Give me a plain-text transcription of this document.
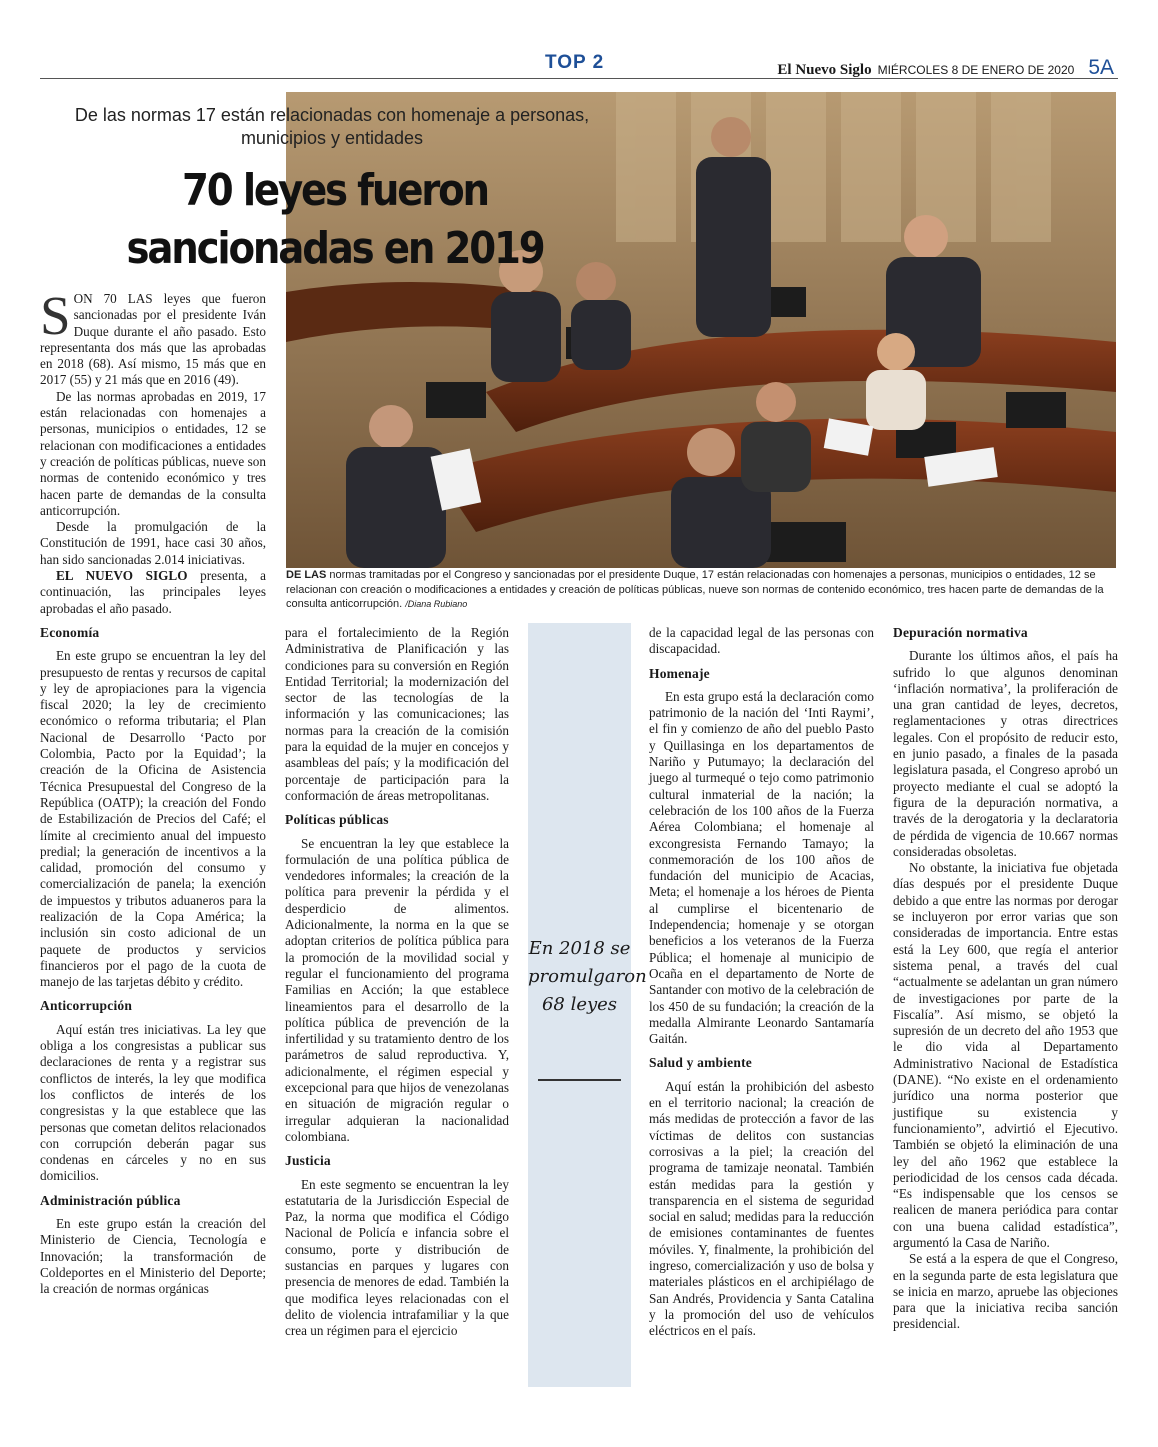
TOP 2	El Nuevo Siglo MIÉRCOLES 8 DE ENERO DE 2020 5A
DE LAS normas tramitadas por el Congreso y sancionadas por el presidente Duque, 17 están relacionadas con homenajes a personas, municipios o entidades, 12 se relacionan con creación o modificaciones a entidades y creación de políticas públicas, nueve son normas de contenido económico, tres hacen parte de demandas de la consulta anticorrupción. /Diana Rubiano
De las normas 17 están relacionadas con homenaje a personas, municipios y entidades
70 leyes fueron sancionadas en 2019

SON 70 LAS leyes que fueron sancionadas por el presidente Iván Duque durante el año pasado. Esto representanta dos más que las aprobadas en 2018 (68). Así mismo, 15 más que en 2017 (55) y 21 más que en 2016 (49).

De las normas aprobadas en 2019, 17 están relacionadas con homenajes a personas, municipios o entidades, 12 se relacionan con modificaciones a entidades y creación de políticas públicas, nueve son normas de contenido económico y tres hacen parte de demandas de la consulta anticorrupción.

Desde la promulgación de la Constitución de 1991, hace casi 30 años, han sido sancionadas 2.014 iniciativas.

EL NUEVO SIGLO presenta, a continuación, las principales leyes aprobadas el año pasado.

Economía

En este grupo se encuentran la ley del presupuesto de rentas y recursos de capital y ley de apropiaciones para la vigencia fiscal 2020; la ley de crecimiento económico o reforma tributaria; el Plan Nacional de Desarrollo ‘Pacto por Colombia, Pacto por la Equidad’; la creación de la Oficina de Asistencia Técnica Presupuestal del Congreso de la República (OATP); la creación del Fondo de Estabilización de Precios del Café; el límite al crecimiento anual del impuesto predial; la generación de incentivos a la calidad, promoción del consumo y comercialización de panela; la exención de impuestos y tributos aduaneros para la realización de la Copa América; la inclusión sin costo adicional de un paquete de productos y servicios financieros por el pago de la cuota de manejo de las tarjetas débito y crédito.

Anticorrupción

Aquí están tres iniciativas. La ley que obliga a los congresistas a publicar sus declaraciones de renta y a registrar sus conflictos de interés, la ley que modifica los conflictos de interés de los congresistas y la que establece que las personas que cometan delitos relacionados con corrupción deberán pagar sus condenas en cárceles y no en sus domicilios.

Administración pública

En este grupo están la creación del Ministerio de Ciencia, Tecnología e Innovación; la transformación de Coldeportes en el Ministerio del Deporte; la creación de normas orgánicas

para el fortalecimiento de la Región Administrativa de Planificación y las condiciones para su conversión en Región Entidad Territorial; la modernización del sector de las tecnologías de la información y las comunicaciones; las normas para la creación de la comisión para la equidad de la mujer en concejos y asambleas del país; y la modificación del porcentaje de participación para la conformación de áreas metropolitanas.

Políticas públicas

Se encuentran la ley que establece la formulación de una política pública de vendedores informales; la creación de la política para prevenir la pérdida y el desperdicio de alimentos. Adicionalmente, la norma en la que se adoptan criterios de política pública para la promoción de la movilidad social y regular el funcionamiento del programa Familias en Acción; la que establece lineamientos para el desarrollo de la política pública de prevención de la infertilidad y su tratamiento dentro de los parámetros de salud reproductiva. Y, adicionalmente, el régimen especial y excepcional para que hijos de venezolanas en situación de migración regular o irregular adquieran la nacionalidad colombiana.

Justicia

En este segmento se encuentran la ley estatutaria de la Jurisdicción Especial de Paz, la norma que modifica el Código Nacional de Policía e infancia sobre el consumo, porte y distribución de sustancias en parques y lugares con presencia de menores de edad. También la que modifica leyes relacionadas con el delito de violencia intrafamiliar y la que crea un régimen para el ejercicio

En 2018 se promulgaron 68 leyes

de la capacidad legal de las personas con discapacidad.

Homenaje

En esta grupo está la declaración como patrimonio de la nación del ‘Inti Raymi’, el fin y comienzo de año del pueblo Pasto y Quillasinga en los departamentos de Nariño y Putumayo; la declaración del juego al turmequé o tejo como patrimonio cultural inmaterial de la nación; la celebración de los 100 años de la Fuerza Aérea Colombiana; el homenaje al excongresista Fernando Tamayo; la conmemoración de los 100 años de fundación del municipio de Acacias, Meta; el homenaje a los héroes de Pienta al cumplirse el bicentenario de Independencia; homenaje y se otorgan beneficios a los veteranos de la Fuerza Pública; el homenaje al municipio de Ocaña en el departamento de Norte de Santander con motivo de la celebración de los 450 de su fundación; la creación de la medalla Almirante Leonardo Santamaría Gaitán.

Salud y ambiente

Aquí están la prohibición del asbesto en el territorio nacional; la creación de más medidas de protección a favor de las víctimas de delitos con sustancias corrosivas a la piel; la creación del programa de tamizaje neonatal. También están medidas para la gestión y transparencia en el sistema de seguridad social en salud; medidas para la reducción de emisiones contaminantes de fuentes móviles. Y, finalmente, la prohibición del ingreso, comercialización y uso de bolsa y materiales plásticos en el archipiélago de San Andrés, Providencia y Santa Catalina y la promoción del uso de vehículos eléctricos en el país.

Depuración normativa

Durante los últimos años, el país ha sufrido lo que algunos denominan ‘inflación normativa’, la proliferación de una gran cantidad de leyes, decretos, reglamentaciones y otras directrices legales. Con el propósito de reducir esto, en junio pasado, a finales de la pasada legislatura pasada, el Congreso aprobó un proyecto mediante el cual se adoptó la figura de la depuración normativa, a través de la derogatoria y la declaratoria de pérdida de vigencia de 10.667 normas consideradas obsoletas.

No obstante, la iniciativa fue objetada días después por el presidente Duque debido a que entre las normas por derogar se incluyeron por error varias que son consideradas de importancia. Entre estas está la Ley 600, que regía el anterior sistema penal, a través del cual “actualmente se adelantan un gran número de investigaciones por parte de la Fiscalía”. Así mismo, se objetó la supresión de un decreto del año 1953 que le dio vida al Departamento Administrativo Nacional de Estadística (DANE). “No existe en el ordenamiento jurídico una norma posterior que justifique su existencia y funcionamiento”, advirtió el Ejecutivo. También se objetó la eliminación de una ley del año 1962 que establece la periodicidad de los censos cada década. “Es indispensable que los censos se realicen de manera periódica para contar con una buena calidad estadística”, argumentó la Casa de Nariño.

Se está a la espera de que el Congreso, en la segunda parte de esta legislatura que se inicia en marzo, apruebe las objeciones para que la iniciativa reciba sanción presidencial.
